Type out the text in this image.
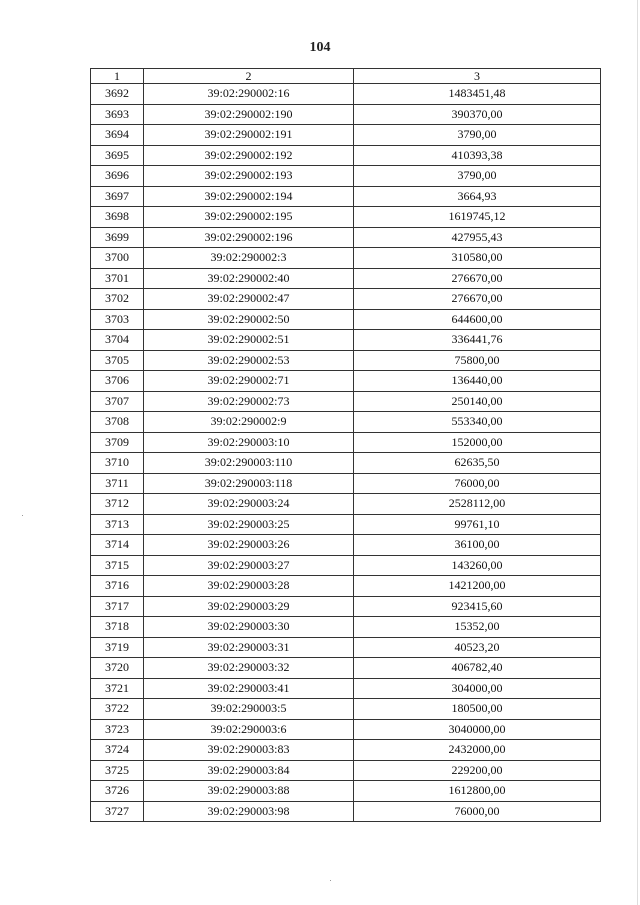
104
1	2	3
3692	39:02:290002:16	1483451,48
3693	39:02:290002:190	390370,00
3694	39:02:290002:191	3790,00
3695	39:02:290002:192	410393,38
3696	39:02:290002:193	3790,00
3697	39:02:290002:194	3664,93
3698	39:02:290002:195	1619745,12
3699	39:02:290002:196	427955,43
3700	39:02:290002:3	310580,00
3701	39:02:290002:40	276670,00
3702	39:02:290002:47	276670,00
3703	39:02:290002:50	644600,00
3704	39:02:290002:51	336441,76
3705	39:02:290002:53	75800,00
3706	39:02:290002:71	136440,00
3707	39:02:290002:73	250140,00
3708	39:02:290002:9	553340,00
3709	39:02:290003:10	152000,00
3710	39:02:290003:110	62635,50
3711	39:02:290003:118	76000,00
3712	39:02:290003:24	2528112,00
3713	39:02:290003:25	99761,10
3714	39:02:290003:26	36100,00
3715	39:02:290003:27	143260,00
3716	39:02:290003:28	1421200,00
3717	39:02:290003:29	923415,60
3718	39:02:290003:30	15352,00
3719	39:02:290003:31	40523,20
3720	39:02:290003:32	406782,40
3721	39:02:290003:41	304000,00
3722	39:02:290003:5	180500,00
3723	39:02:290003:6	3040000,00
3724	39:02:290003:83	2432000,00
3725	39:02:290003:84	229200,00
3726	39:02:290003:88	1612800,00
3727	39:02:290003:98	76000,00
